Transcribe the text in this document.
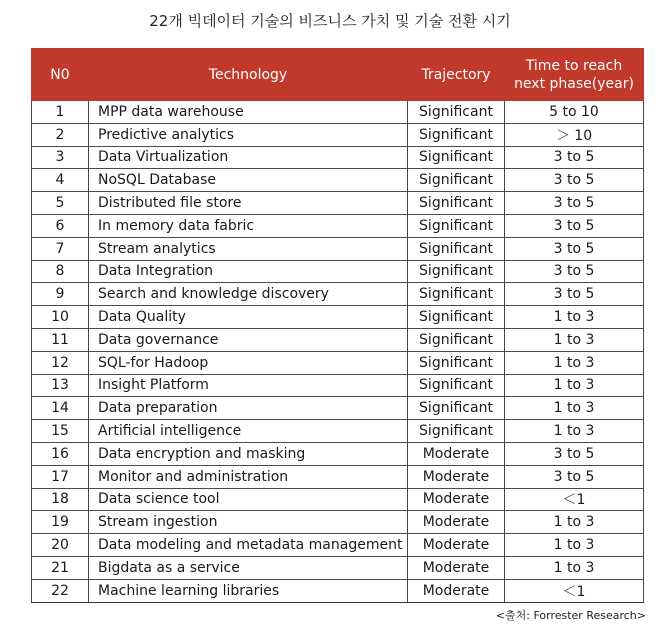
22개 빅데이터 기술의 비즈니스 가치 및 기술 전환 시기
N0	Technology	Trajectory	Time to reach
next phase(year)
1	MPP data warehouse	Significant	5 to 10
2	Predictive analytics	Significant	＞ 10
3	Data Virtualization	Significant	3 to 5
4	NoSQL Database	Significant	3 to 5
5	Distributed file store	Significant	3 to 5
6	In memory data fabric	Significant	3 to 5
7	Stream analytics	Significant	3 to 5
8	Data Integration	Significant	3 to 5
9	Search and knowledge discovery	Significant	3 to 5
10	Data Quality	Significant	1 to 3
11	Data governance	Significant	1 to 3
12	SQL-for Hadoop	Significant	1 to 3
13	Insight Platform	Significant	1 to 3
14	Data preparation	Significant	1 to 3
15	Artificial intelligence	Significant	1 to 3
16	Data encryption and masking	Moderate	3 to 5
17	Monitor and administration	Moderate	3 to 5
18	Data science tool	Moderate	＜1
19	Stream ingestion	Moderate	1 to 3
20	Data modeling and metadata management	Moderate	1 to 3
21	Bigdata as a service	Moderate	1 to 3
22	Machine learning libraries	Moderate	＜1
<출처: Forrester Research>
